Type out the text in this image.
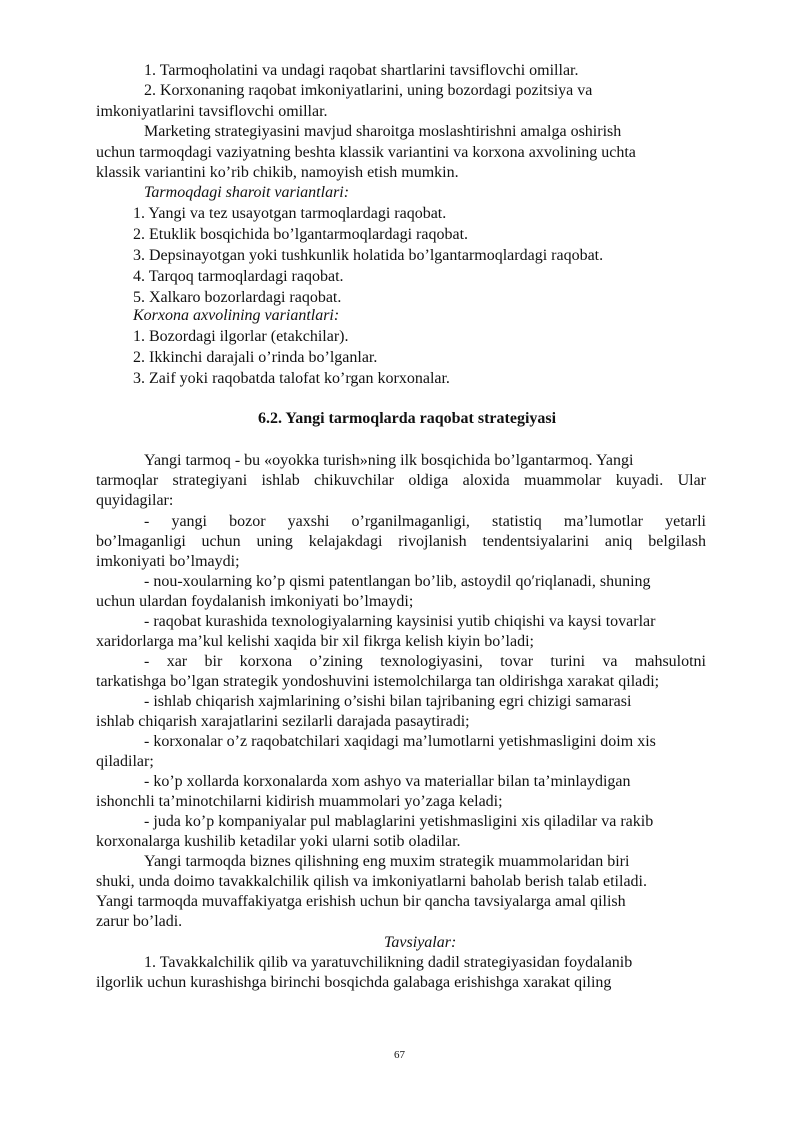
1. Tarmoqholatini va undagi raqobat shartlarini tavsiflovchi omillar.
2. Korxonaning raqobat imkoniyatlarini, uning bozordagi pozitsiya va
imkoniyatlarini tavsiflovchi omillar.
Marketing strategiyasini mavjud sharoitga moslashtirishni amalga oshirish
uchun tarmoqdagi vaziyatning beshta klassik variantini va korxona axvolining uchta
klassik variantini ko’rib chikib, namoyish etish mumkin.
Tarmoqdagi sharoit variantlari:
1. Yangi va tez usayotgan tarmoqlardagi raqobat.
2. Etuklik bosqichida bo’lgantarmoqlardagi raqobat.
3. Depsinayotgan yoki tushkunlik holatida bo’lgantarmoqlardagi raqobat.
4. Tarqoq tarmoqlardagi raqobat.
5. Xalkaro bozorlardagi raqobat.
Korxona axvolining variantlari:
1. Bozordagi ilgorlar (etakchilar).
2. Ikkinchi darajali o’rinda bo’lganlar.
3. Zaif yoki raqobatda talofat ko’rgan korxonalar.
6.2. Yangi tarmoqlarda raqobat strategiyasi
Yangi tarmoq - bu «oyokka turish»ning ilk bosqichida bo’lgantarmoq. Yangi
tarmoqlar strategiyani ishlab chikuvchilar oldiga aloxida muammolar kuyadi. Ular
quyidagilar:
- yangi bozor yaxshi o’rganilmaganligi, statistiq ma’lumotlar yetarli
bo’lmaganligi uchun uning kelajakdagi rivojlanish tendentsiyalarini aniq belgilash
imkoniyati bo’lmaydi;
- nou-xoularning ko’p qismi patentlangan bo’lib, astoydil qo′riqlanadi, shuning
uchun ulardan foydalanish imkoniyati bo’lmaydi;
- raqobat kurashida texnologiyalarning kaysinisi yutib chiqishi va kaysi tovarlar
xaridorlarga ma’kul kelishi xaqida bir xil fikrga kelish kiyin bo’ladi;
- xar bir korxona o’zining texnologiyasini, tovar turini va mahsulotni
tarkatishga bo’lgan strategik yondoshuvini istemolchilarga tan oldirishga xarakat qiladi;
- ishlab chiqarish xajmlarining o’sishi bilan tajribaning egri chizigi samarasi
ishlab chiqarish xarajatlarini sezilarli darajada pasaytiradi;
- korxonalar o’z raqobatchilari xaqidagi ma’lumotlarni yetishmasligini doim xis
qiladilar;
- ko’p xollarda korxonalarda xom ashyo va materiallar bilan ta’minlaydigan
ishonchli ta’minotchilarni kidirish muammolari yo’zaga keladi;
- juda ko’p kompaniyalar pul mablaglarini yetishmasligini xis qiladilar va rakib
korxonalarga kushilib ketadilar yoki ularni sotib oladilar.
Yangi tarmoqda biznes qilishning eng muxim strategik muammolaridan biri
shuki, unda doimo tavakkalchilik qilish va imkoniyatlarni baholab berish talab etiladi.
Yangi tarmoqda muvaffakiyatga erishish uchun bir qancha tavsiyalarga amal qilish
zarur bo’ladi.
Tavsiyalar:
1. Tavakkalchilik qilib va yaratuvchilikning dadil strategiyasidan foydalanib
ilgorlik uchun kurashishga birinchi bosqichda galabaga erishishga xarakat qiling
67
